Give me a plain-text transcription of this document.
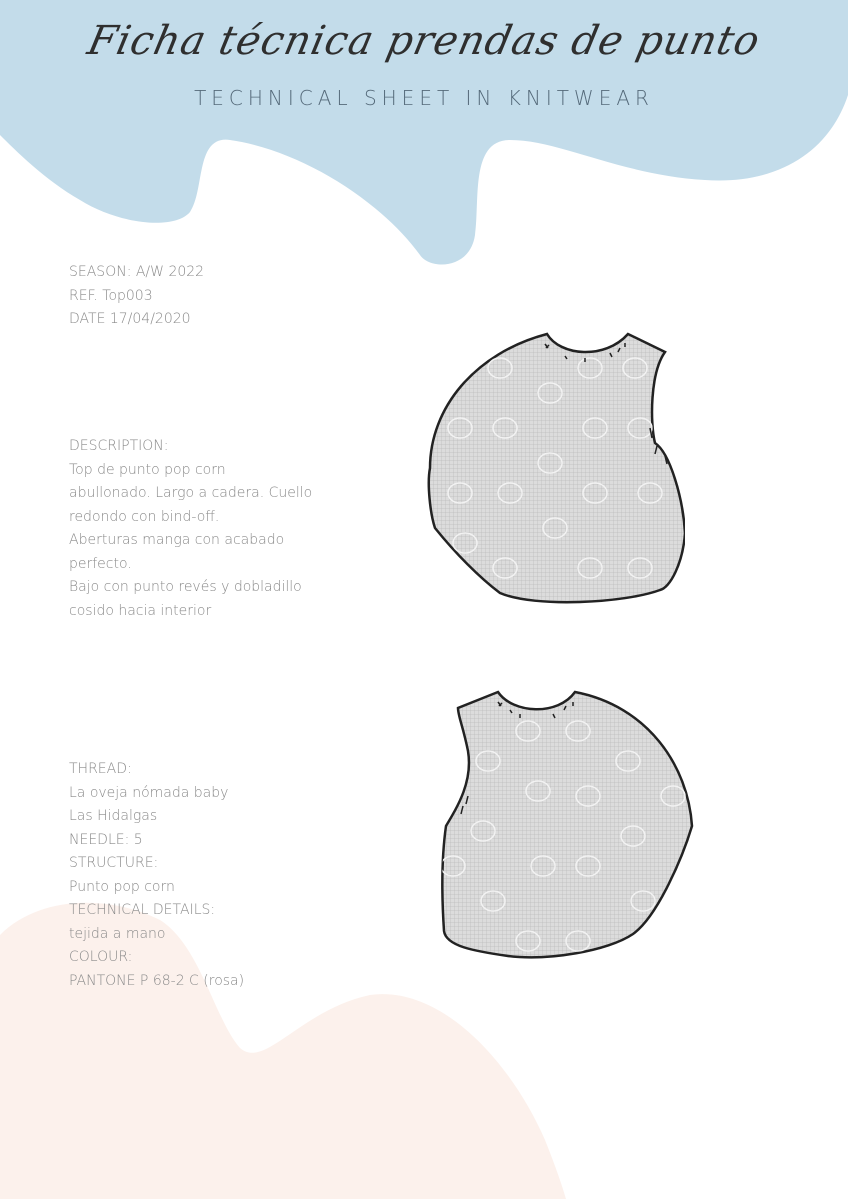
Ficha técnica prendas de punto
TECHNICAL SHEET IN KNITWEAR

SEASON: A/W 2022

REF. Top003

DATE 17/04/2020

DESCRIPTION:

Top de punto pop corn

abullonado. Largo a cadera. Cuello

redondo con bind-off.

Aberturas manga con acabado

perfecto.

Bajo con punto revés y dobladillo

cosido hacia interior

THREAD:

La oveja nómada baby

Las Hidalgas

NEEDLE: 5

STRUCTURE:

Punto pop corn

TECHNICAL DETAILS:

tejida a mano

COLOUR:

PANTONE P 68-2 C (rosa)
